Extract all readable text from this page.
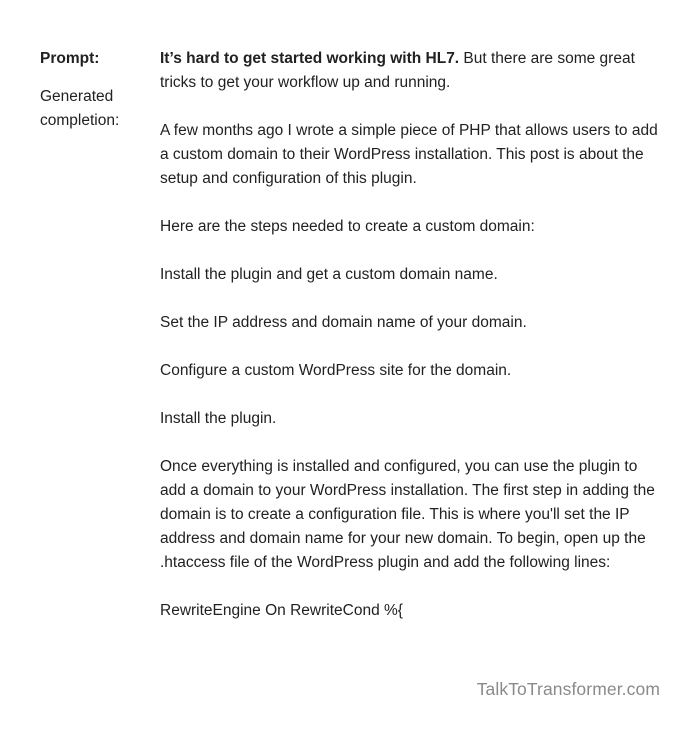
Prompt:

Generated completion:

It’s hard to get started working with HL7. But there are some great tricks to get your workflow up and running.

A few months ago I wrote a simple piece of PHP that allows users to add a custom domain to their WordPress installation. This post is about the setup and configuration of this plugin.

Here are the steps needed to create a custom domain:

Install the plugin and get a custom domain name.

Set the IP address and domain name of your domain.

Configure a custom WordPress site for the domain.

Install the plugin.

Once everything is installed and configured, you can use the plugin to add a domain to your WordPress installation. The first step in adding the domain is to create a configuration file. This is where you'll set the IP address and domain name for your new domain. To begin, open up the .htaccess file of the WordPress plugin and add the following lines:

RewriteEngine On RewriteCond %{

TalkToTransformer.com
